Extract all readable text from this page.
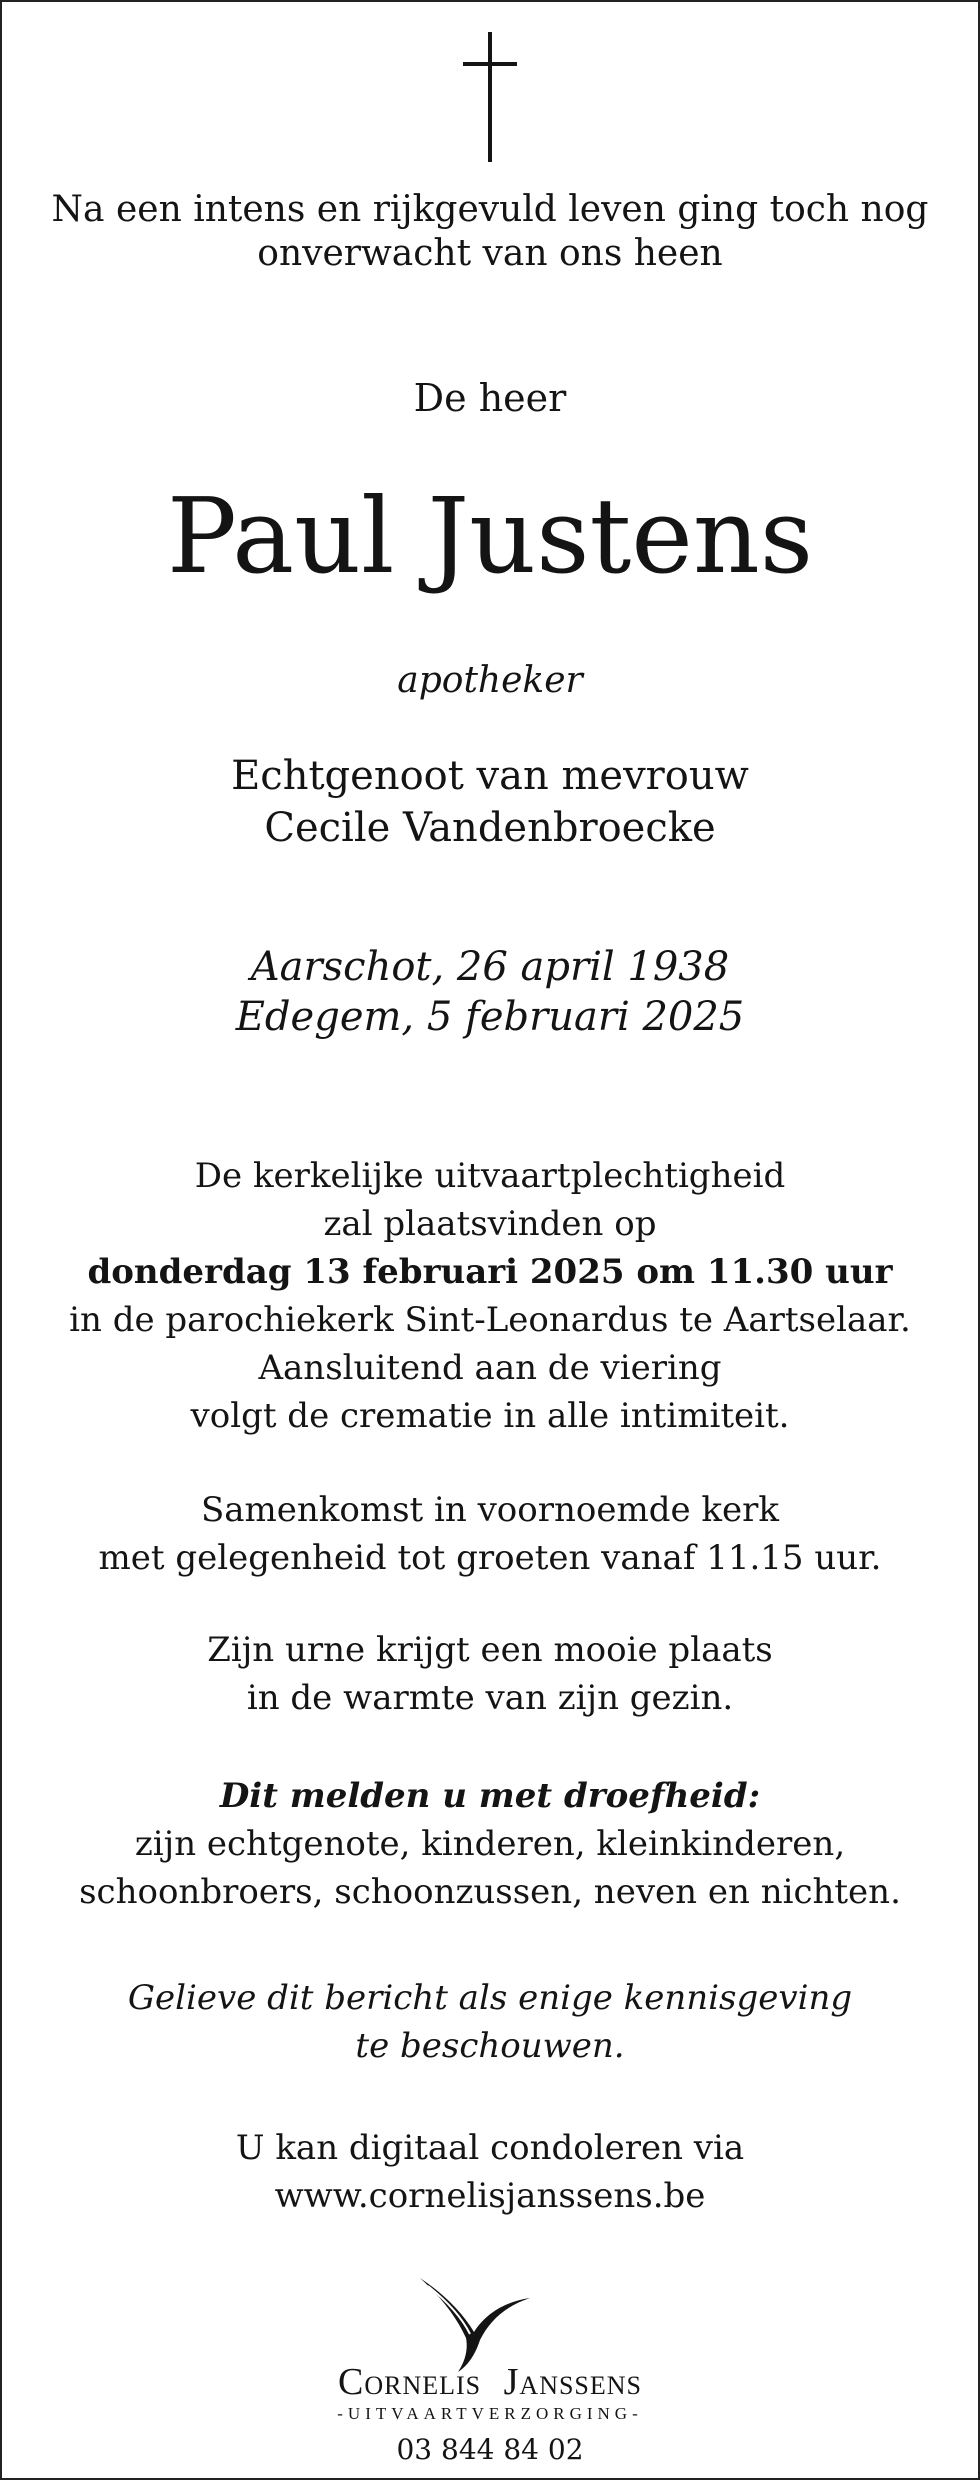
Na een intens en rijkgevuld leven ging toch nog
onverwacht van ons heen
De heer
Paul Justens
apotheker
Echtgenoot van mevrouw
Cecile Vandenbroecke
Aarschot, 26 april 1938
Edegem, 5 februari 2025
De kerkelijke uitvaartplechtigheid
zal plaatsvinden op
donderdag 13 februari 2025 om 11.30 uur
in de parochiekerk Sint-Leonardus te Aartselaar.
Aansluitend aan de viering
volgt de crematie in alle intimiteit.
Samenkomst in voornoemde kerk
met gelegenheid tot groeten vanaf 11.15 uur.
Zijn urne krijgt een mooie plaats
in de warmte van zijn gezin.
Dit melden u met droefheid:
zijn echtgenote, kinderen, kleinkinderen,
schoonbroers, schoonzussen, neven en nichten.
Gelieve dit bericht als enige kennisgeving
te beschouwen.
U kan digitaal condoleren via
www.cornelisjanssens.be
CORNELIS JANSSENS
-UITVAARTVERZORGING-
03 844 84 02
